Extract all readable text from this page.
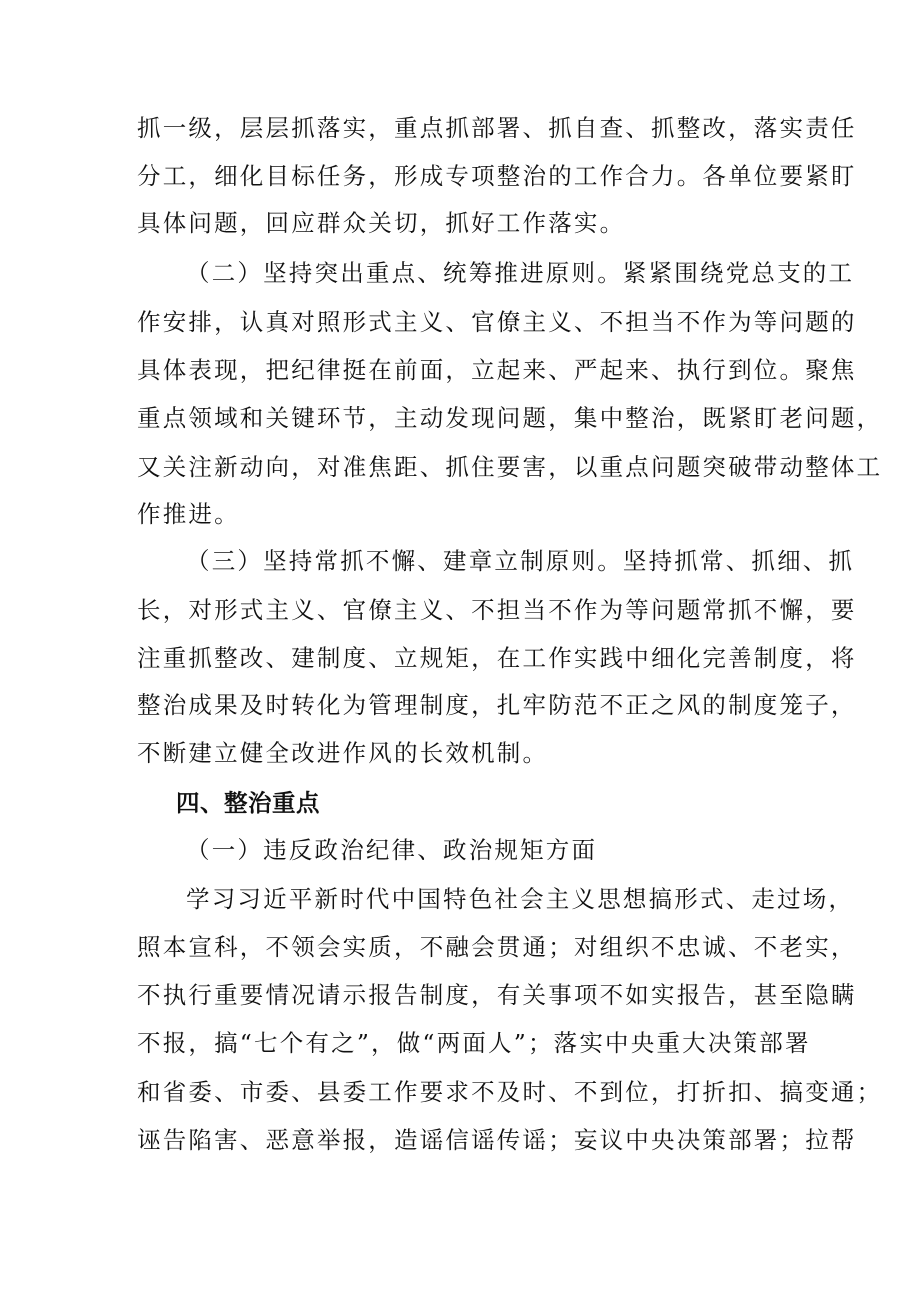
抓一级，层层抓落实，重点抓部署、抓自查、抓整改，落实责任
分工，细化目标任务，形成专项整治的工作合力。各单位要紧盯
具体问题，回应群众关切，抓好工作落实。
（二）坚持突出重点、统筹推进原则。紧紧围绕党总支的工
作安排，认真对照形式主义、官僚主义、不担当不作为等问题的
具体表现，把纪律挺在前面，立起来、严起来、执行到位。聚焦
重点领域和关键环节，主动发现问题，集中整治，既紧盯老问题，
又关注新动向，对准焦距、抓住要害，以重点问题突破带动整体工
作推进。
（三）坚持常抓不懈、建章立制原则。坚持抓常、抓细、抓
长，对形式主义、官僚主义、不担当不作为等问题常抓不懈，要
注重抓整改、建制度、立规矩，在工作实践中细化完善制度，将
整治成果及时转化为管理制度，扎牢防范不正之风的制度笼子，
不断建立健全改进作风的长效机制。
四、整治重点
（一）违反政治纪律、政治规矩方面
学习习近平新时代中国特色社会主义思想搞形式、走过场，
照本宣科，不领会实质，不融会贯通；对组织不忠诚、不老实，
不执行重要情况请示报告制度，有关事项不如实报告，甚至隐瞒
不报，搞“七个有之”，做“两面人”；落实中央重大决策部署
和省委、市委、县委工作要求不及时、不到位，打折扣、搞变通；
诬告陷害、恶意举报，造谣信谣传谣；妄议中央决策部署；拉帮
